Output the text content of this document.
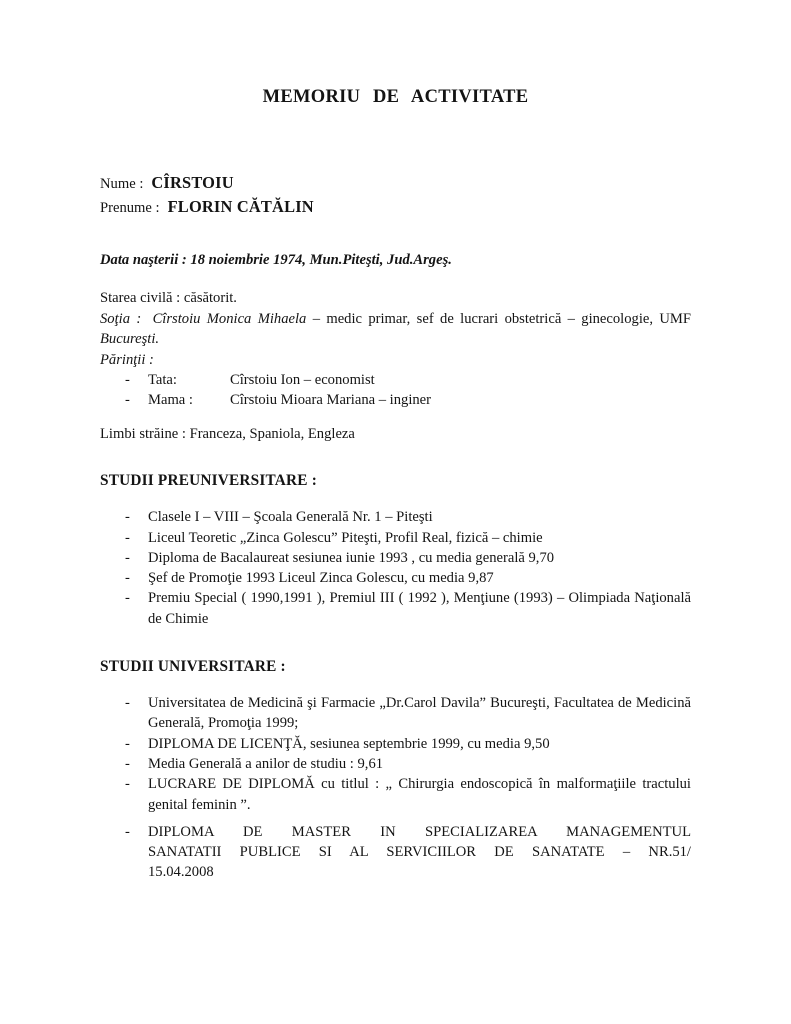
MEMORIU DE ACTIVITATE
Nume : CÎRSTOIU
Prenume : FLORIN CĂTĂLIN
Data naşterii : 18 noiembrie 1974, Mun.Piteşti, Jud.Argeş.
Starea civilă : căsătorit.

Soţia : Cîrstoiu Monica Mihaela – medic primar, sef de lucrari obstetrică – ginecologie, UMF Bucureşti.

Părinţii :
- Tata:	Cîrstoiu Ion – economist
- Mama :	Cîrstoiu Mioara Mariana – inginer
Limbi străine : Franceza, Spaniola, Engleza
STUDII PREUNIVERSITARE :
- Clasele I – VIII – Şcoala Generală Nr. 1 – Piteşti
- Liceul Teoretic „Zinca Golescu” Piteşti, Profil Real, fizică – chimie
- Diploma de Bacalaureat sesiunea iunie 1993 , cu media generală 9,70
- Şef de Promoţie 1993 Liceul Zinca Golescu, cu media 9,87
- Premiu Special ( 1990,1991 ), Premiul III ( 1992 ), Menţiune (1993) – Olimpiada Naţională de Chimie
STUDII UNIVERSITARE :
- Universitatea de Medicină şi Farmacie „Dr.Carol Davila” Bucureşti, Facultatea de Medicină Generală, Promoţia 1999;
- DIPLOMA DE LICENŢĂ, sesiunea septembrie 1999, cu media 9,50
- Media Generală a anilor de studiu : 9,61
- LUCRARE DE DIPLOMĂ cu titlul : „ Chirurgia endoscopică în malformaţiile tractului genital feminin ”.
- DIPLOMA DE MASTER IN SPECIALIZAREA MANAGEMENTUL
SANATATII PUBLICE SI AL SERVICIILOR DE SANATATE – NR.51/
15.04.2008
